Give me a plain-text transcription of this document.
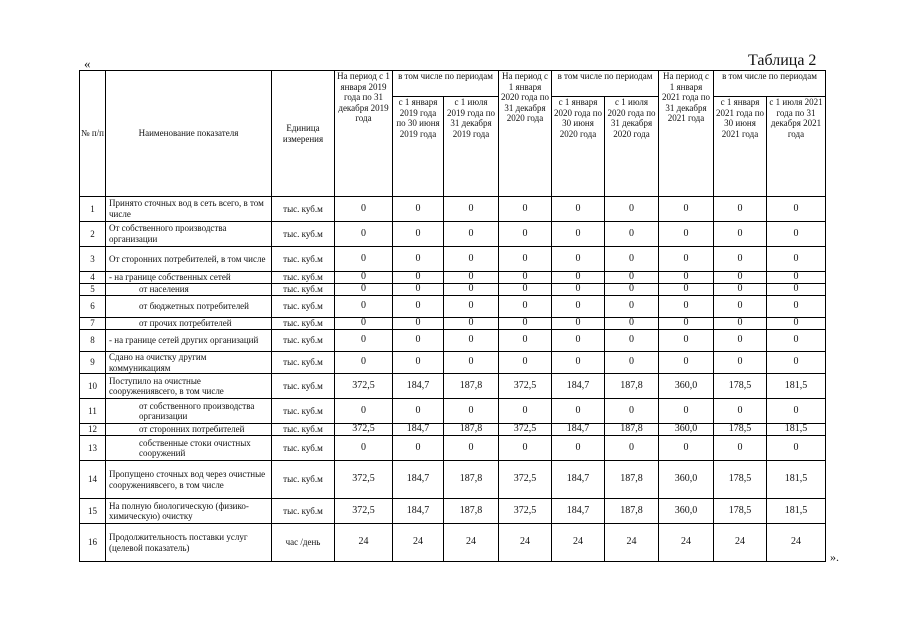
«	Таблица 2
№ п/п	Наименование показателя	Единица измерения	На период с 1 января 2019 года по 31 декабря 2019 года	в том числе по периодам		На период с 1 января 2020 года по 31 декабря 2020 года	в том числе по периодам		На период с 1 января 2021 года по 31 декабря 2021 года	в том числе по периодам	
				с 1 января 2019 года по 30 июня 2019 года	с 1 июля 2019 года по 31 декабря 2019 года		с 1 января 2020 года по 30 июня 2020 года	с 1 июля 2020 года по 31 декабря 2020 года		с 1 января 2021 года по 30 июня 2021 года	с 1 июля 2021 года по 31 декабря 2021 года
1	Принято сточных вод в сеть всего, в том числе	тыс. куб.м	0	0	0	0	0	0	0	0	0
2	От собственного производства организации	тыс. куб.м	0	0	0	0	0	0	0	0	0
3	От сторонних потребителей, в том числе	тыс. куб.м	0	0	0	0	0	0	0	0	0
4	- на границе собственных сетей	тыс. куб.м	0	0	0	0	0	0	0	0	0
5	от населения	тыс. куб.м	0	0	0	0	0	0	0	0	0
6	от бюджетных потребителей	тыс. куб.м	0	0	0	0	0	0	0	0	0
7	от прочих потребителей	тыс. куб.м	0	0	0	0	0	0	0	0	0
8	- на границе сетей других организаций	тыс. куб.м	0	0	0	0	0	0	0	0	0
9	Сдано на очистку другим коммуникациям	тыс. куб.м	0	0	0	0	0	0	0	0	0
10	Поступило на очистные сооружениявсего, в том числе	тыс. куб.м	372,5	184,7	187,8	372,5	184,7	187,8	360,0	178,5	181,5
11	от собственного производства организации	тыс. куб.м	0	0	0	0	0	0	0	0	0
12	от сторонних потребителей	тыс. куб.м	372,5	184,7	187,8	372,5	184,7	187,8	360,0	178,5	181,5
13	собственные стоки очистных сооружений	тыс. куб.м	0	0	0	0	0	0	0	0	0
14	Пропущено сточных вод через очистные сооружениявсего, в том числе	тыс. куб.м	372,5	184,7	187,8	372,5	184,7	187,8	360,0	178,5	181,5
15	На полную биологическую (физико-химическую) очистку	тыс. куб.м	372,5	184,7	187,8	372,5	184,7	187,8	360,0	178,5	181,5
16	Продолжительность поставки услуг (целевой показатель)	час /день	24	24	24	24	24	24	24	24	24
».
